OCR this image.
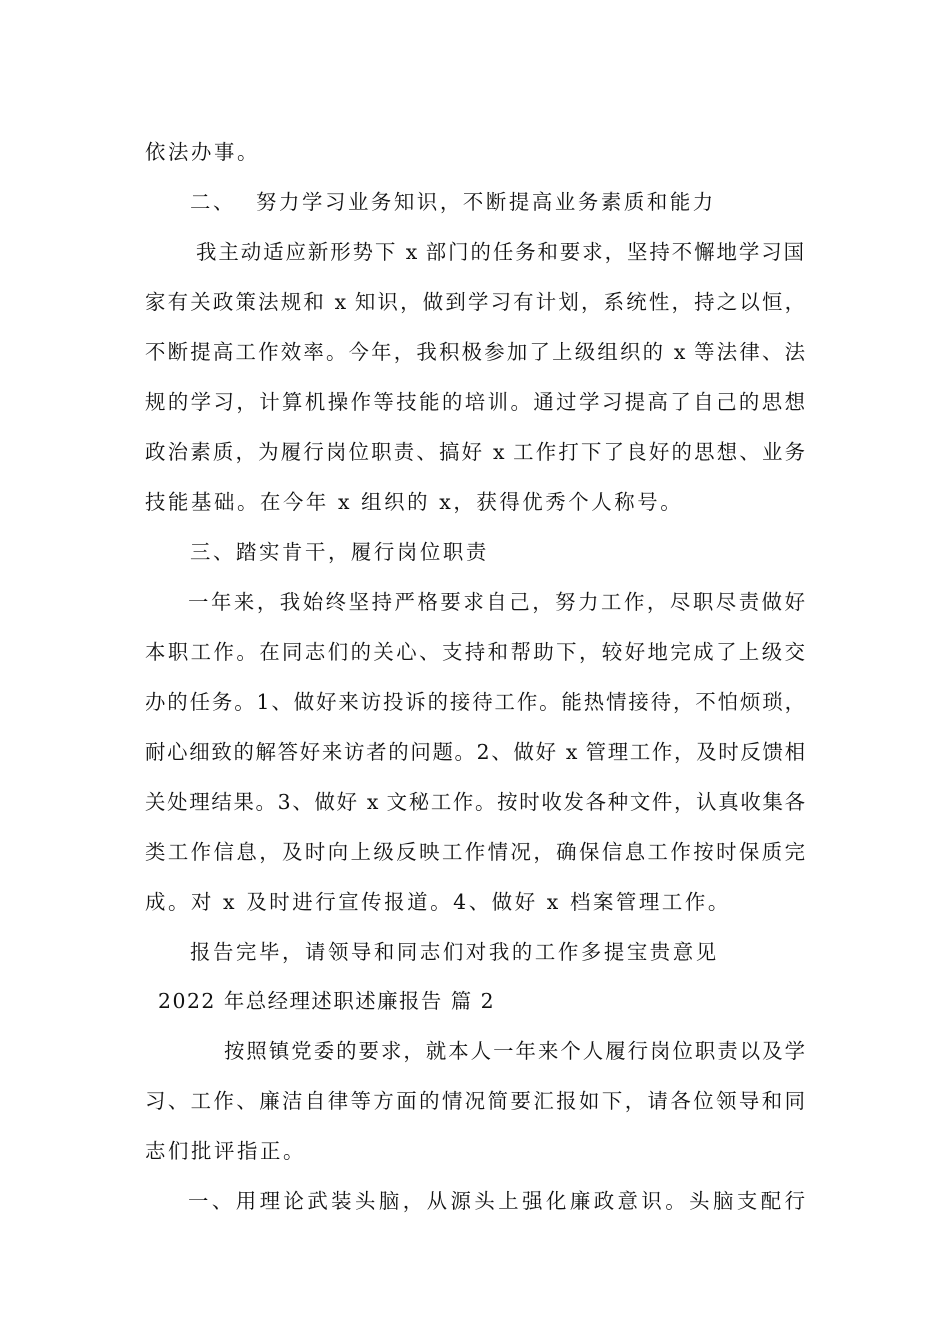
依法办事。
二、 努力学习业务知识，不断提高业务素质和能力
我主动适应新形势下 x 部门的任务和要求，坚持不懈地学习国
家有关政策法规和 x 知识，做到学习有计划，系统性，持之以恒，
不断提高工作效率。今年，我积极参加了上级组织的 x 等法律、法
规的学习，计算机操作等技能的培训。通过学习提高了自己的思想
政治素质，为履行岗位职责、搞好 x 工作打下了良好的思想、业务
技能基础。在今年 x 组织的 x，获得优秀个人称号。
三、踏实肯干，履行岗位职责
一年来，我始终坚持严格要求自己，努力工作，尽职尽责做好
本职工作。在同志们的关心、支持和帮助下，较好地完成了上级交
办的任务。1、做好来访投诉的接待工作。能热情接待，不怕烦琐，
耐心细致的解答好来访者的问题。2、做好 x 管理工作，及时反馈相
关处理结果。3、做好 x 文秘工作。按时收发各种文件，认真收集各
类工作信息，及时向上级反映工作情况，确保信息工作按时保质完
成。对 x 及时进行宣传报道。4、做好 x 档案管理工作。
报告完毕，请领导和同志们对我的工作多提宝贵意见
2022 年总经理述职述廉报告 篇 2
按照镇党委的要求，就本人一年来个人履行岗位职责以及学
习、工作、廉洁自律等方面的情况简要汇报如下，请各位领导和同
志们批评指正。
一、用理论武装头脑，从源头上强化廉政意识。头脑支配行
